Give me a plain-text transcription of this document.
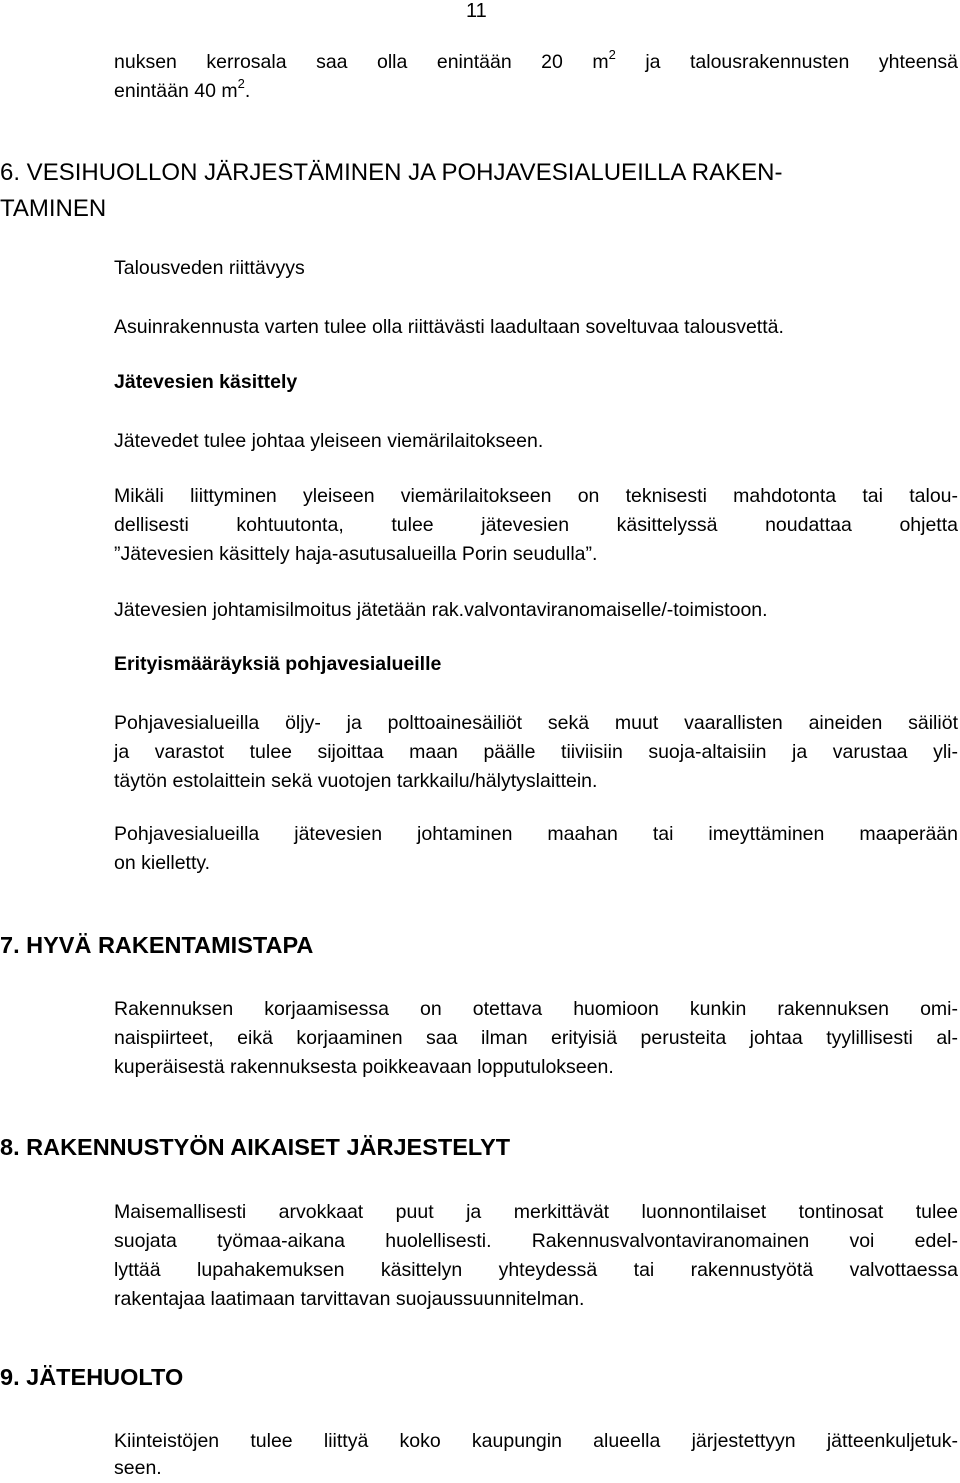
11
nuksen kerrosala saa olla enintään 20 $m^2$ ja talousrakennusten yhteensä
enintään 40 $m^2$.
6. VESIHUOLLON JÄRJESTÄMINEN JA POHJAVESIALUEILLA RAKEN-
TAMINEN
Talousveden riittävyys
Asuinrakennusta varten tulee olla riittävästi laadultaan soveltuvaa talousvettä.
Jätevesien käsittely
Jätevedet tulee johtaa yleiseen viemärilaitokseen.
Mikäli liittyminen yleiseen viemärilaitokseen on teknisesti mahdotonta tai talou-
dellisesti kohtuutonta, tulee jätevesien käsittelyssä noudattaa ohjetta
”Jätevesien käsittely haja-asutusalueilla Porin seudulla”.
Jätevesien johtamisilmoitus jätetään rak.valvontaviranomaiselle/-toimistoon.
Erityismääräyksiä pohjavesialueille
Pohjavesialueilla öljy- ja polttoainesäiliöt sekä muut vaarallisten aineiden säiliöt
ja varastot tulee sijoittaa maan päälle tiiviisiin suoja-altaisiin ja varustaa yli-
täytön estolaittein sekä vuotojen tarkkailu/hälytyslaittein.
Pohjavesialueilla jätevesien johtaminen maahan tai imeyttäminen maaperään
on kielletty.
7. HYVÄ RAKENTAMISTAPA
Rakennuksen korjaamisessa on otettava huomioon kunkin rakennuksen omi-
naispiirteet, eikä korjaaminen saa ilman erityisiä perusteita johtaa tyylillisesti al-
kuperäisestä rakennuksesta poikkeavaan lopputulokseen.
8. RAKENNUSTYÖN AIKAISET JÄRJESTELYT
Maisemallisesti arvokkaat puut ja merkittävät luonnontilaiset tontinosat tulee
suojata työmaa-aikana huolellisesti. Rakennusvalvontaviranomainen voi edel-
lyttää lupahakemuksen käsittelyn yhteydessä tai rakennustyötä valvottaessa
rakentajaa laatimaan tarvittavan suojaussuunnitelman.
9. JÄTEHUOLTO
Kiinteistöjen tulee liittyä koko kaupungin alueella järjestettyyn jätteenkuljetuk-
seen.
